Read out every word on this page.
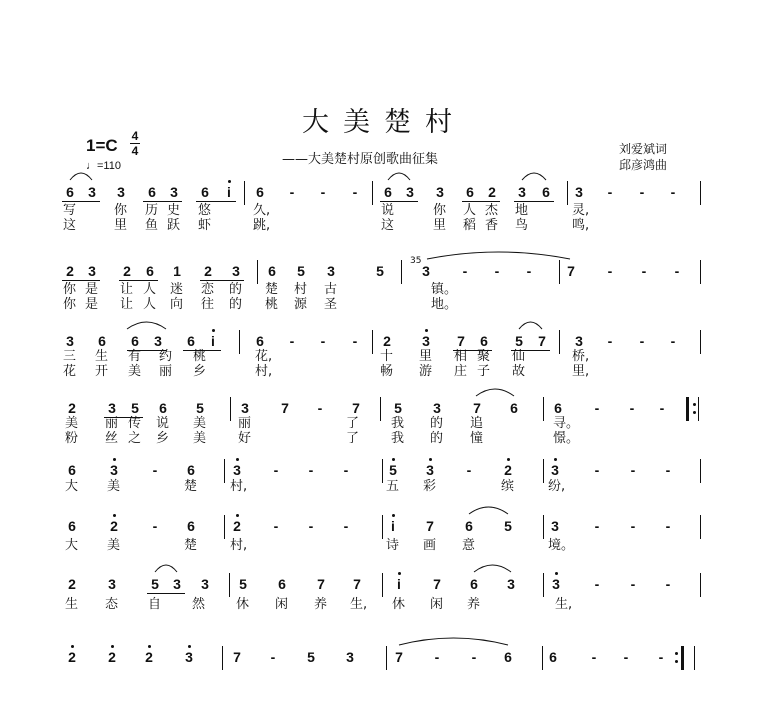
大美楚村
——大美楚村原创歌曲征集
刘爱斌词
邱彦鸿曲
1=C 4
4
♩=110
6 3 3 6 3 6	i	6	-	-	-	6 3 3 6 2 3 6 3	-	-	-
写	你 历 史 悠	久,	说	你 人 杰 地	灵,
这	里 鱼 跃 虾	跳,	这	里 稻 香 鸟	鸣,
2 3 2 6 1 2 3 6 5 3	5	3	-	-	-	7	-	-	-
你 是 让 人 迷 恋 的 楚 村 古	镇。
你 是 让 人 向 往 的 桃 源 圣	地。
3 6 6 3 6	i	6	-	-	-	2 3 7 6 5 7 3	-	-	-
三 生 有 约 桃	花,	十 里 相 聚 仙	桥,
花 开 美 丽 乡	村,	畅 游 庄 子 故	里,
2 3 5 6 5	3 7	-	7 5 3 7 6	6	-	-	-
美 丽 传 说 美 丽	了 我 的 追	寻。
粉 丝 之 乡 美 好	了 我 的 憧	憬。
6 3	-	6	3	-	-	-	5 3	-	2	3	-	-	-
大 美	楚	村,	五 彩	缤	纷,
6 2	-	6	2	-	-	-	i	7 6 5	3	-	-	-
大 美	楚	村,	诗 画 意	境。
2 3	5 3 3 5 6 7 7	i	7 6 3	3	-	-	-
生 态 自 然 休 闲 养 生, 休 闲 养	生,
2 2 2 3	7	-	5 3	7	-	-	6	6	-	-	-
35
